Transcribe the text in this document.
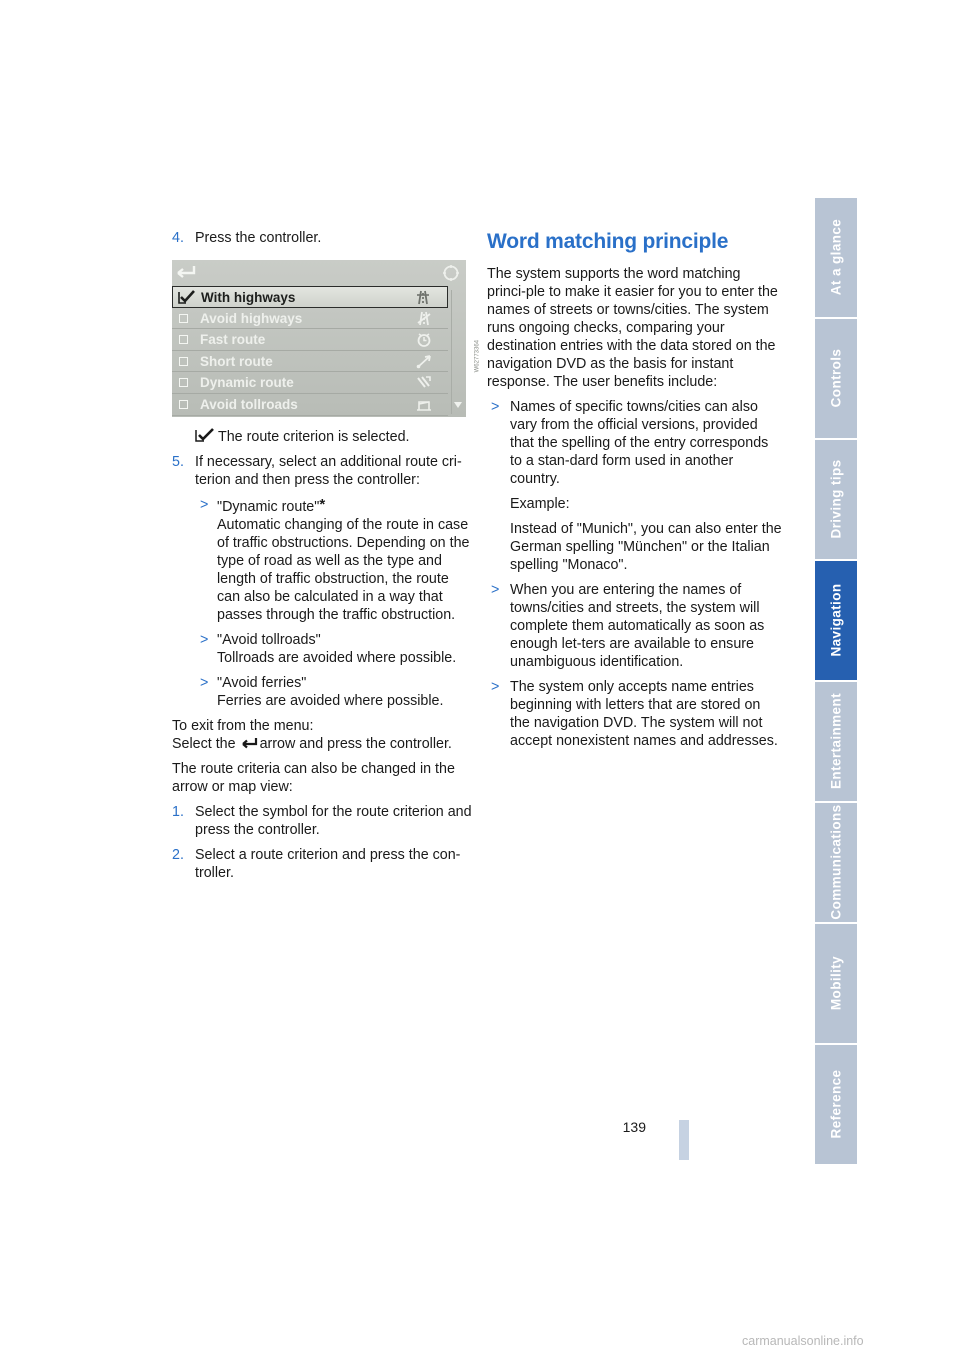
4. Press the controller.
With highways
Avoid highways
Fast route
Short route
Dynamic route
Avoid tollroads
W62773364
The route criterion is selected.
5. If necessary, select an additional route cri-terion and then press the controller:
> "Dynamic route"*
Automatic changing of the route in case of traffic obstructions. Depending on the type of road as well as the type and length of traffic obstruction, the route can also be calculated in a way that passes through the traffic obstruction.
> "Avoid tollroads"
Tollroads are avoided where possible.
> "Avoid ferries"
Ferries are avoided where possible.
To exit from the menu:
Select the arrow and press the controller.
The route criteria can also be changed in the arrow or map view:
1. Select the symbol for the route criterion and press the controller.
2. Select a route criterion and press the con-troller.
Word matching principle
The system supports the word matching princi-ple to make it easier for you to enter the names of streets or towns/cities. The system runs ongoing checks, comparing your destination entries with the data stored on the navigation DVD as the basis for instant response. The user benefits include:
> Names of specific towns/cities can also vary from the official versions, provided that the spelling of the entry corresponds to a stan-dard form used in another country.
Example:
Instead of "Munich", you can also enter the German spelling "München" or the Italian spelling "Monaco".
> When you are entering the names of towns/cities and streets, the system will complete them automatically as soon as enough let-ters are available to ensure unambiguous identification.
> The system only accepts name entries beginning with letters that are stored on the navigation DVD. The system will not accept nonexistent names and addresses.
At a glance
Controls
Driving tips
Navigation
Entertainment
Communications
Mobility
Reference
139
carmanualsonline.info
